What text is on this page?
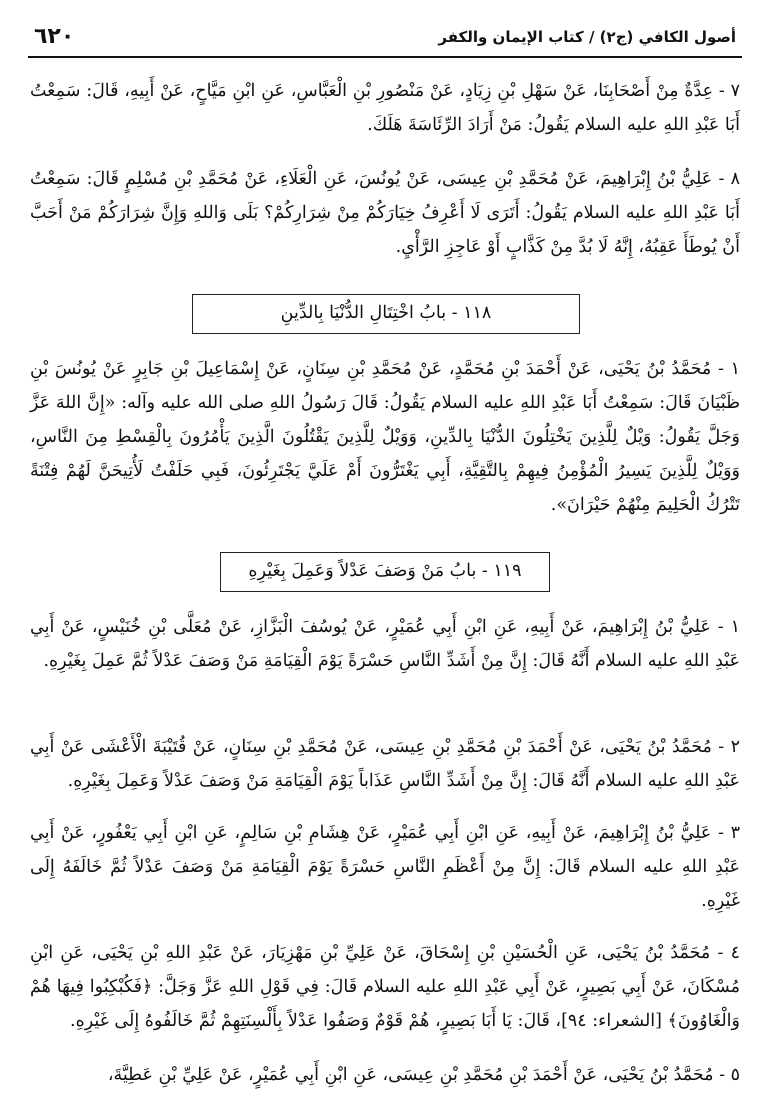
أصول الكافي (ج٢) / كتاب الإيمان والكفر
٦٢٠

٧ - عِدَّةٌ مِنْ أَصْحَابِنَا، عَنْ سَهْلِ بْنِ زِيَادٍ، عَنْ مَنْصُورِ بْنِ الْعَبَّاسِ، عَنِ ابْنِ مَيَّاحٍ، عَنْ أَبِيهِ، قَالَ: سَمِعْتُ أَبَا عَبْدِ اللهِ عليه السلام يَقُولُ: مَنْ أَرَادَ الرِّئَاسَةَ هَلَكَ.

٨ - عَلِيُّ بْنُ إِبْرَاهِيمَ، عَنْ مُحَمَّدِ بْنِ عِيسَى، عَنْ يُونُسَ، عَنِ الْعَلَاءِ، عَنْ مُحَمَّدِ بْنِ مُسْلِمٍ قَالَ: سَمِعْتُ أَبَا عَبْدِ اللهِ عليه السلام يَقُولُ: أَتَرَى لَا أَعْرِفُ خِيَارَكُمْ مِنْ شِرَارِكُمْ؟ بَلَى وَاللهِ وَإِنَّ شِرَارَكُمْ مَنْ أَحَبَّ أَنْ يُوطَأَ عَقِبُهُ، إِنَّهُ لَا بُدَّ مِنْ كَذَّابٍ أَوْ عَاجِزِ الرَّأْيِ.

١١٨ - بابُ اخْتِتَالِ الدُّنْيَا بِالدِّينِ

١ - مُحَمَّدُ بْنُ يَحْيَى، عَنْ أَحْمَدَ بْنِ مُحَمَّدٍ، عَنْ مُحَمَّدِ بْنِ سِنَانٍ، عَنْ إِسْمَاعِيلَ بْنِ جَابِرٍ عَنْ يُونُسَ بْنِ ظَبْيَانَ قَالَ: سَمِعْتُ أَبَا عَبْدِ اللهِ عليه السلام يَقُولُ: قَالَ رَسُولُ اللهِ صلى الله عليه وآله: «إِنَّ اللهَ عَزَّ وَجَلَّ يَقُولُ: وَيْلٌ لِلَّذِينَ يَخْتِلُونَ الدُّنْيَا بِالدِّينِ، وَوَيْلٌ لِلَّذِينَ يَقْتُلُونَ الَّذِينَ يَأْمُرُونَ بِالْقِسْطِ مِنَ النَّاسِ، وَوَيْلٌ لِلَّذِينَ يَسِيرُ الْمُؤْمِنُ فِيهِمْ بِالتَّقِيَّةِ، أَبِي يَغْتَرُّونَ أَمْ عَلَيَّ يَجْتَرِئُونَ، فَبِي حَلَفْتُ لَأُتِيحَنَّ لَهُمْ فِتْنَةً تَتْرُكُ الْحَلِيمَ مِنْهُمْ حَيْرَانَ».

١١٩ - بابُ مَنْ وَصَفَ عَدْلاً وَعَمِلَ بِغَيْرِهِ

١ - عَلِيُّ بْنُ إِبْرَاهِيمَ، عَنْ أَبِيهِ، عَنِ ابْنِ أَبِي عُمَيْرٍ، عَنْ يُوسُفَ الْبَزَّازِ، عَنْ مُعَلَّى بْنِ خُنَيْسٍ، عَنْ أَبِي عَبْدِ اللهِ عليه السلام أَنَّهُ قَالَ: إِنَّ مِنْ أَشَدِّ النَّاسِ حَسْرَةً يَوْمَ الْقِيَامَةِ مَنْ وَصَفَ عَدْلاً ثُمَّ عَمِلَ بِغَيْرِهِ.

٢ - مُحَمَّدُ بْنُ يَحْيَى، عَنْ أَحْمَدَ بْنِ مُحَمَّدِ بْنِ عِيسَى، عَنْ مُحَمَّدِ بْنِ سِنَانٍ، عَنْ قُتَيْبَةَ الْأَعْشَى عَنْ أَبِي عَبْدِ اللهِ عليه السلام أَنَّهُ قَالَ: إِنَّ مِنْ أَشَدِّ النَّاسِ عَذَاباً يَوْمَ الْقِيَامَةِ مَنْ وَصَفَ عَدْلاً وَعَمِلَ بِغَيْرِهِ.

٣ - عَلِيُّ بْنُ إِبْرَاهِيمَ، عَنْ أَبِيهِ، عَنِ ابْنِ أَبِي عُمَيْرٍ، عَنْ هِشَامِ بْنِ سَالِمٍ، عَنِ ابْنِ أَبِي يَعْفُورٍ، عَنْ أَبِي عَبْدِ اللهِ عليه السلام قَالَ: إِنَّ مِنْ أَعْظَمِ النَّاسِ حَسْرَةً يَوْمَ الْقِيَامَةِ مَنْ وَصَفَ عَدْلاً ثُمَّ خَالَفَهُ إِلَى غَيْرِهِ.

٤ - مُحَمَّدُ بْنُ يَحْيَى، عَنِ الْحُسَيْنِ بْنِ إِسْحَاقَ، عَنْ عَلِيِّ بْنِ مَهْزِيَارَ، عَنْ عَبْدِ اللهِ بْنِ يَحْيَى، عَنِ ابْنِ مُسْكَانَ، عَنْ أَبِي بَصِيرٍ، عَنْ أَبِي عَبْدِ اللهِ عليه السلام قَالَ: فِي قَوْلِ اللهِ عَزَّ وَجَلَّ: ﴿فَكُبْكِبُوا فِيهَا هُمْ وَالْغَاوُونَ﴾ [الشعراء: ٩٤]، قَالَ: يَا أَبَا بَصِيرٍ، هُمْ قَوْمٌ وَصَفُوا عَدْلاً بِأَلْسِنَتِهِمْ ثُمَّ خَالَفُوهُ إِلَى غَيْرِهِ.

٥ - مُحَمَّدُ بْنُ يَحْيَى، عَنْ أَحْمَدَ بْنِ مُحَمَّدِ بْنِ عِيسَى، عَنِ ابْنِ أَبِي عُمَيْرٍ، عَنْ عَلِيِّ بْنِ عَطِيَّةَ،
